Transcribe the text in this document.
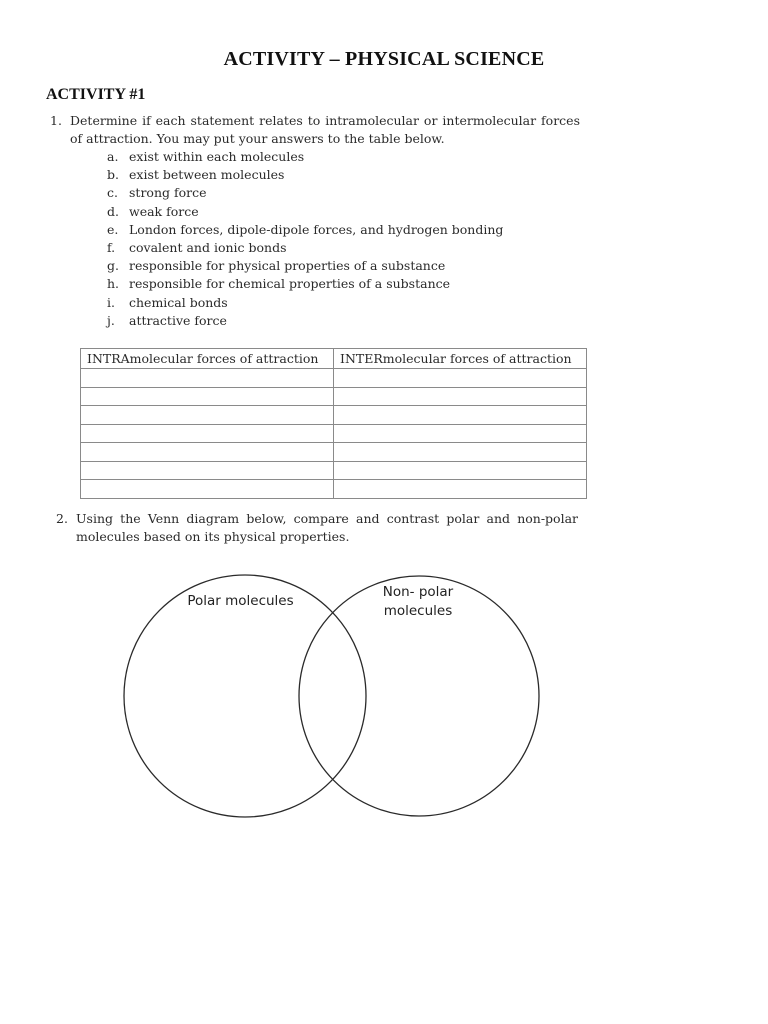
ACTIVITY – PHYSICAL SCIENCE
ACTIVITY #1
1. Determine if each statement relates to intramolecular or intermolecular forces of attraction. You may put your answers to the table below.
a. exist within each molecules
b. exist between molecules
c. strong force
d. weak force
e. London forces, dipole-dipole forces, and hydrogen bonding
f. covalent and ionic bonds
g. responsible for physical properties of a substance
h. responsible for chemical properties of a substance
i. chemical bonds
j. attractive force
INTRAmolecular forces of attraction	INTERmolecular forces of attraction

2. Using the Venn diagram below, compare and contrast polar and non-polar molecules based on its physical properties.
Polar molecules
Non- polar
molecules
